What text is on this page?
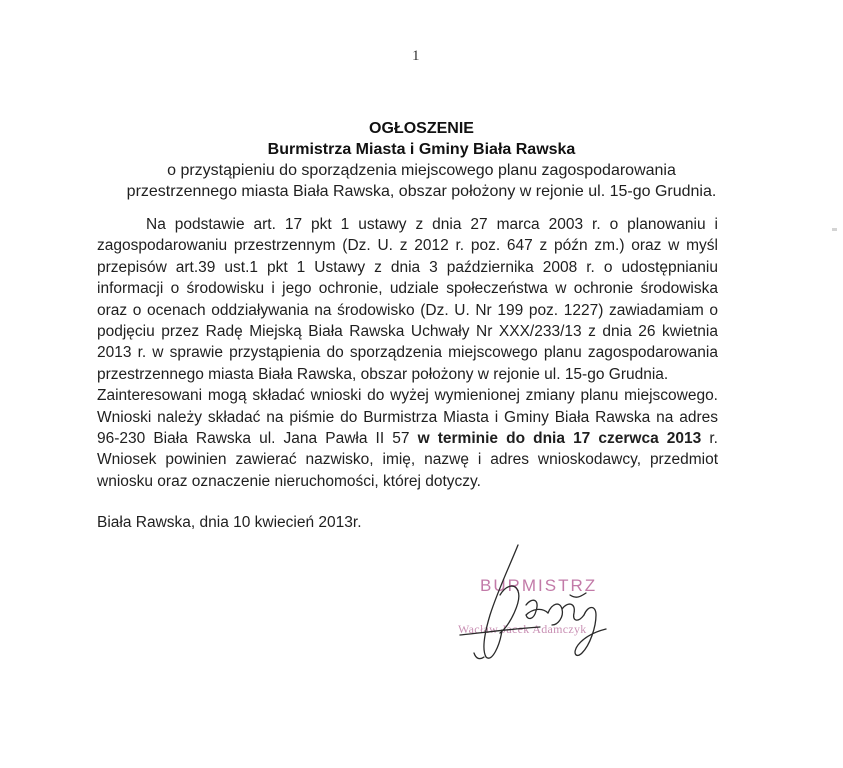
1
OGŁOSZENIE
Burmistrza Miasta i Gminy Biała Rawska
o przystąpieniu do sporządzenia miejscowego planu zagospodarowania
przestrzennego miasta Biała Rawska, obszar położony w rejonie ul. 15-go Grudnia.

Na podstawie art. 17 pkt 1 ustawy z dnia 27 marca 2003 r. o planowaniu i zagospodarowaniu przestrzennym (Dz. U. z 2012 r. poz. 647 z późn zm.) oraz w myśl przepisów art.39 ust.1 pkt 1 Ustawy z dnia 3 października 2008 r. o udostępnianiu informacji o środowisku i jego ochronie, udziale społeczeństwa w ochronie środowiska oraz o ocenach oddziaływania na środowisko (Dz. U. Nr 199 poz. 1227) zawiadamiam o podjęciu przez Radę Miejską Biała Rawska Uchwały Nr XXX/233/13 z dnia 26 kwietnia 2013 r. w sprawie przystąpienia do sporządzenia miejscowego planu zagospodarowania przestrzennego miasta Biała Rawska, obszar położony w rejonie ul. 15-go Grudnia.

Zainteresowani mogą składać wnioski do wyżej wymienionej zmiany planu miejscowego. Wnioski należy składać na piśmie do Burmistrza Miasta i Gminy Biała Rawska na adres 96-230 Biała Rawska ul. Jana Pawła II 57 w terminie do dnia 17 czerwca 2013 r. Wniosek powinien zawierać nazwisko, imię, nazwę i adres wnioskodawcy, przedmiot wniosku oraz oznaczenie nieruchomości, której dotyczy.

Biała Rawska, dnia 10 kwiecień 2013r.
BURMISTRZ
Wacław Jacek Adamczyk
